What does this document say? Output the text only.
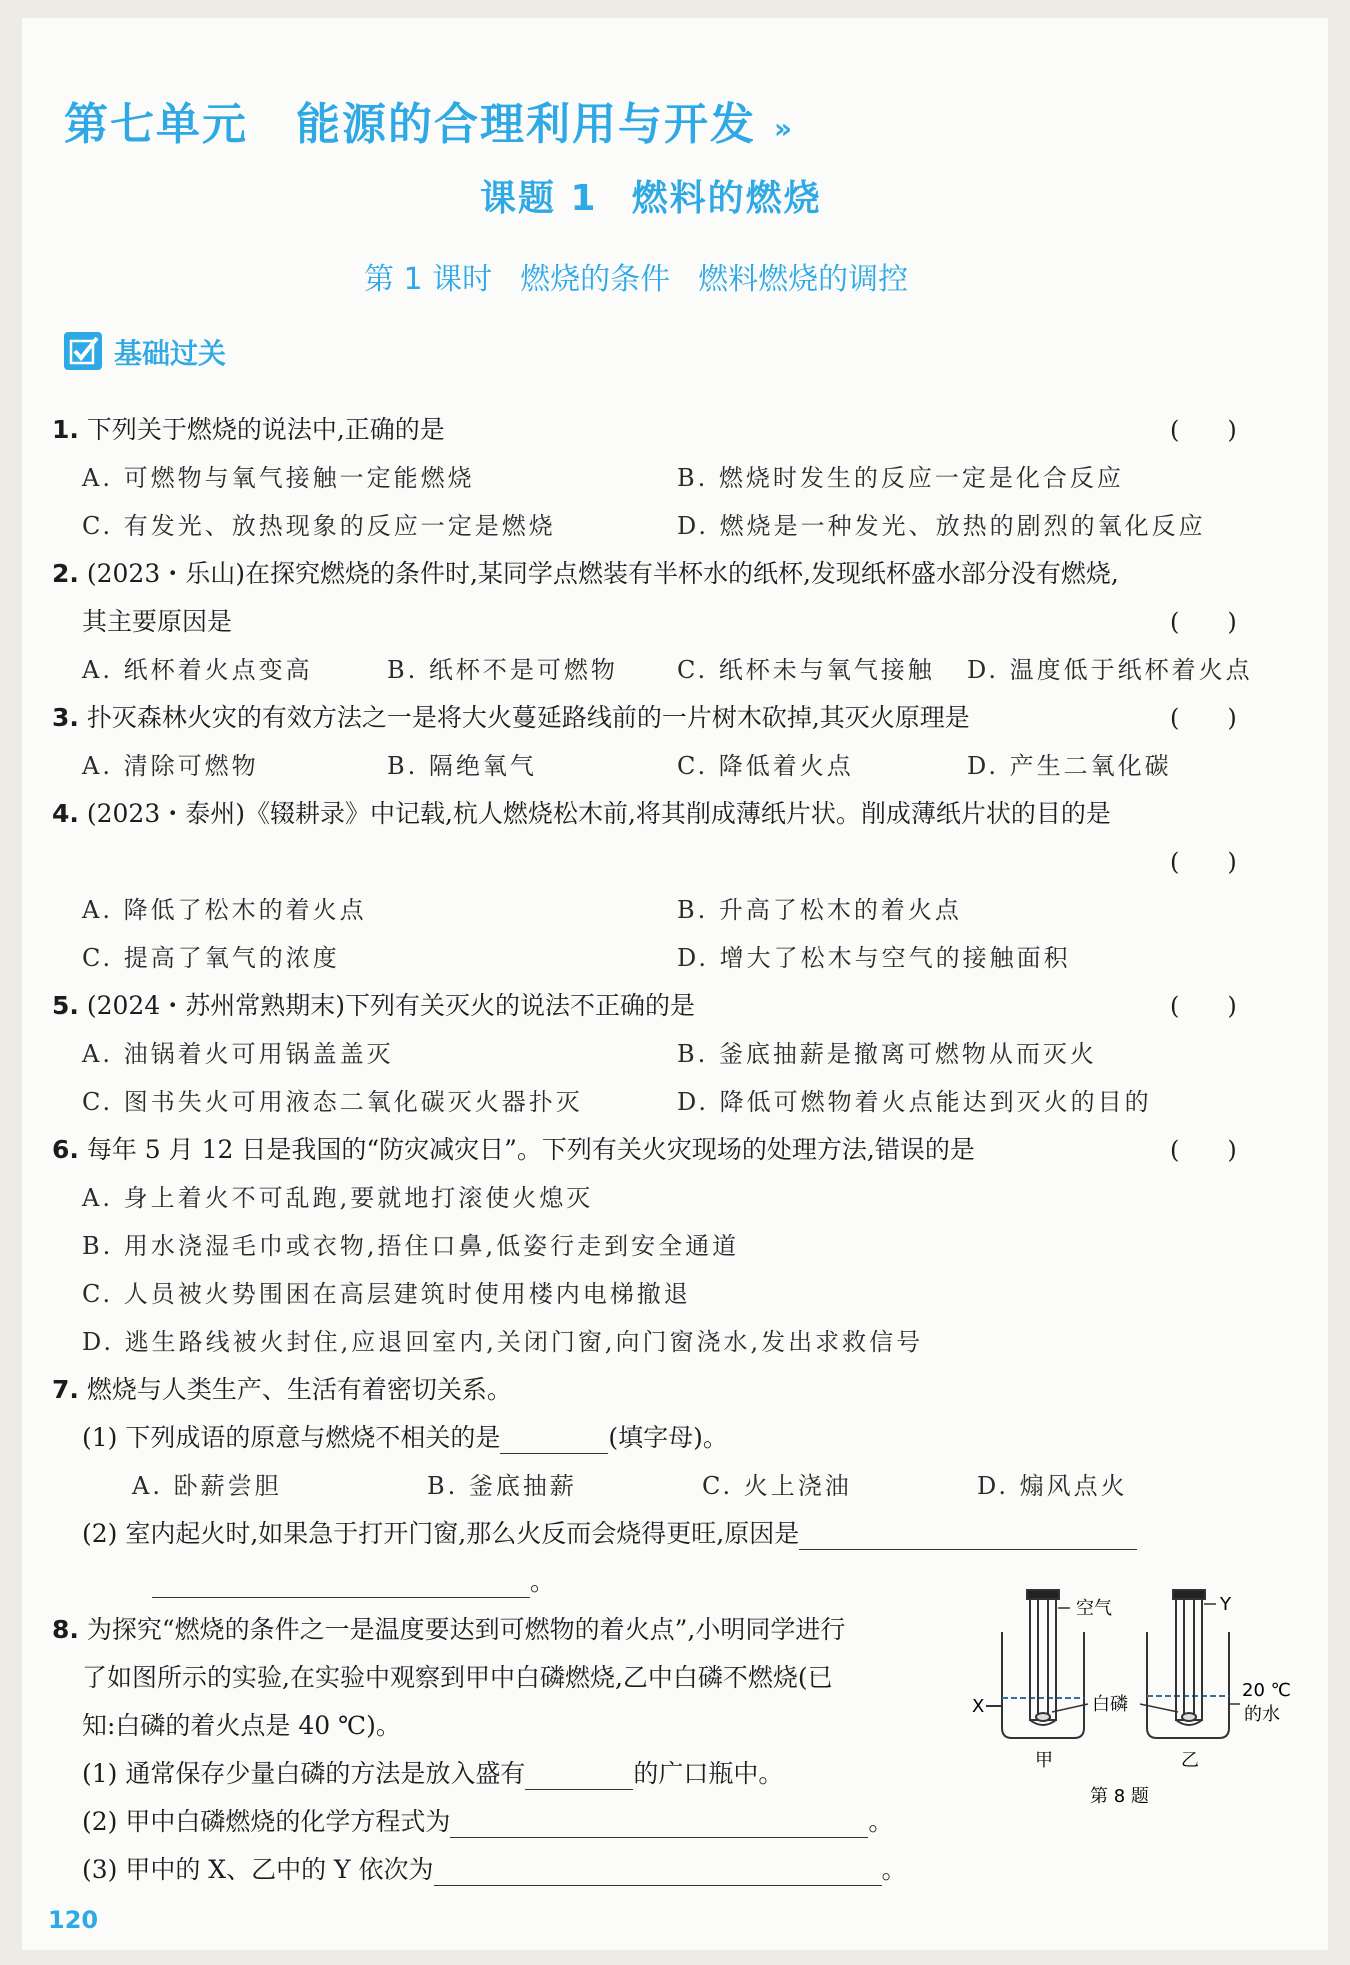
第七单元 能源的合理利用与开发 »
课题 1 燃料的燃烧
第 1 课时 燃烧的条件 燃料燃烧的调控
基础过关
1. 下列关于燃烧的说法中,正确的是	(　　)
A. 可燃物与氧气接触一定能燃烧	B. 燃烧时发生的反应一定是化合反应
C. 有发光、放热现象的反应一定是燃烧	D. 燃烧是一种发光、放热的剧烈的氧化反应
2. (2023・乐山)在探究燃烧的条件时,某同学点燃装有半杯水的纸杯,发现纸杯盛水部分没有燃烧,
其主要原因是	(　　)
A. 纸杯着火点变高	B. 纸杯不是可燃物 C. 纸杯未与氧气接触 D. 温度低于纸杯着火点
3. 扑灭森林火灾的有效方法之一是将大火蔓延路线前的一片树木砍掉,其灭火原理是	(　　)
A. 清除可燃物	B. 隔绝氧气	C. 降低着火点	D. 产生二氧化碳
4. (2023・泰州)《辍耕录》中记载,杭人燃烧松木前,将其削成薄纸片状。削成薄纸片状的目的是
(　　)
A. 降低了松木的着火点	B. 升高了松木的着火点
C. 提高了氧气的浓度	D. 增大了松木与空气的接触面积
5. (2024・苏州常熟期末)下列有关灭火的说法不正确的是	(　　)
A. 油锅着火可用锅盖盖灭	B. 釜底抽薪是撤离可燃物从而灭火
C. 图书失火可用液态二氧化碳灭火器扑灭	D. 降低可燃物着火点能达到灭火的目的
6. 每年 5 月 12 日是我国的“防灾减灾日”。下列有关火灾现场的处理方法,错误的是	(　　)
A. 身上着火不可乱跑,要就地打滚使火熄灭
B. 用水浇湿毛巾或衣物,捂住口鼻,低姿行走到安全通道
C. 人员被火势围困在高层建筑时使用楼内电梯撤退
D. 逃生路线被火封住,应退回室内,关闭门窗,向门窗浇水,发出求救信号
7. 燃烧与人类生产、生活有着密切关系。
(1) 下列成语的原意与燃烧不相关的是	(填字母)。
A. 卧薪尝胆	B. 釜底抽薪	C. 火上浇油	D. 煽风点火
(2) 室内起火时,如果急于打开门窗,那么火反而会烧得更旺,原因是
。
8. 为探究“燃烧的条件之一是温度要达到可燃物的着火点”,小明同学进行
了如图所示的实验,在实验中观察到甲中白磷燃烧,乙中白磷不燃烧(已
知:白磷的着火点是 40 ℃)。
(1) 通常保存少量白磷的方法是放入盛有	的广口瓶中。
(2) 甲中白磷燃烧的化学方程式为	。
(3) 甲中的 X、乙中的 Y 依次为	。
空气	Y
X	白磷
20 ℃
的水
甲	乙
第 8 题
120
